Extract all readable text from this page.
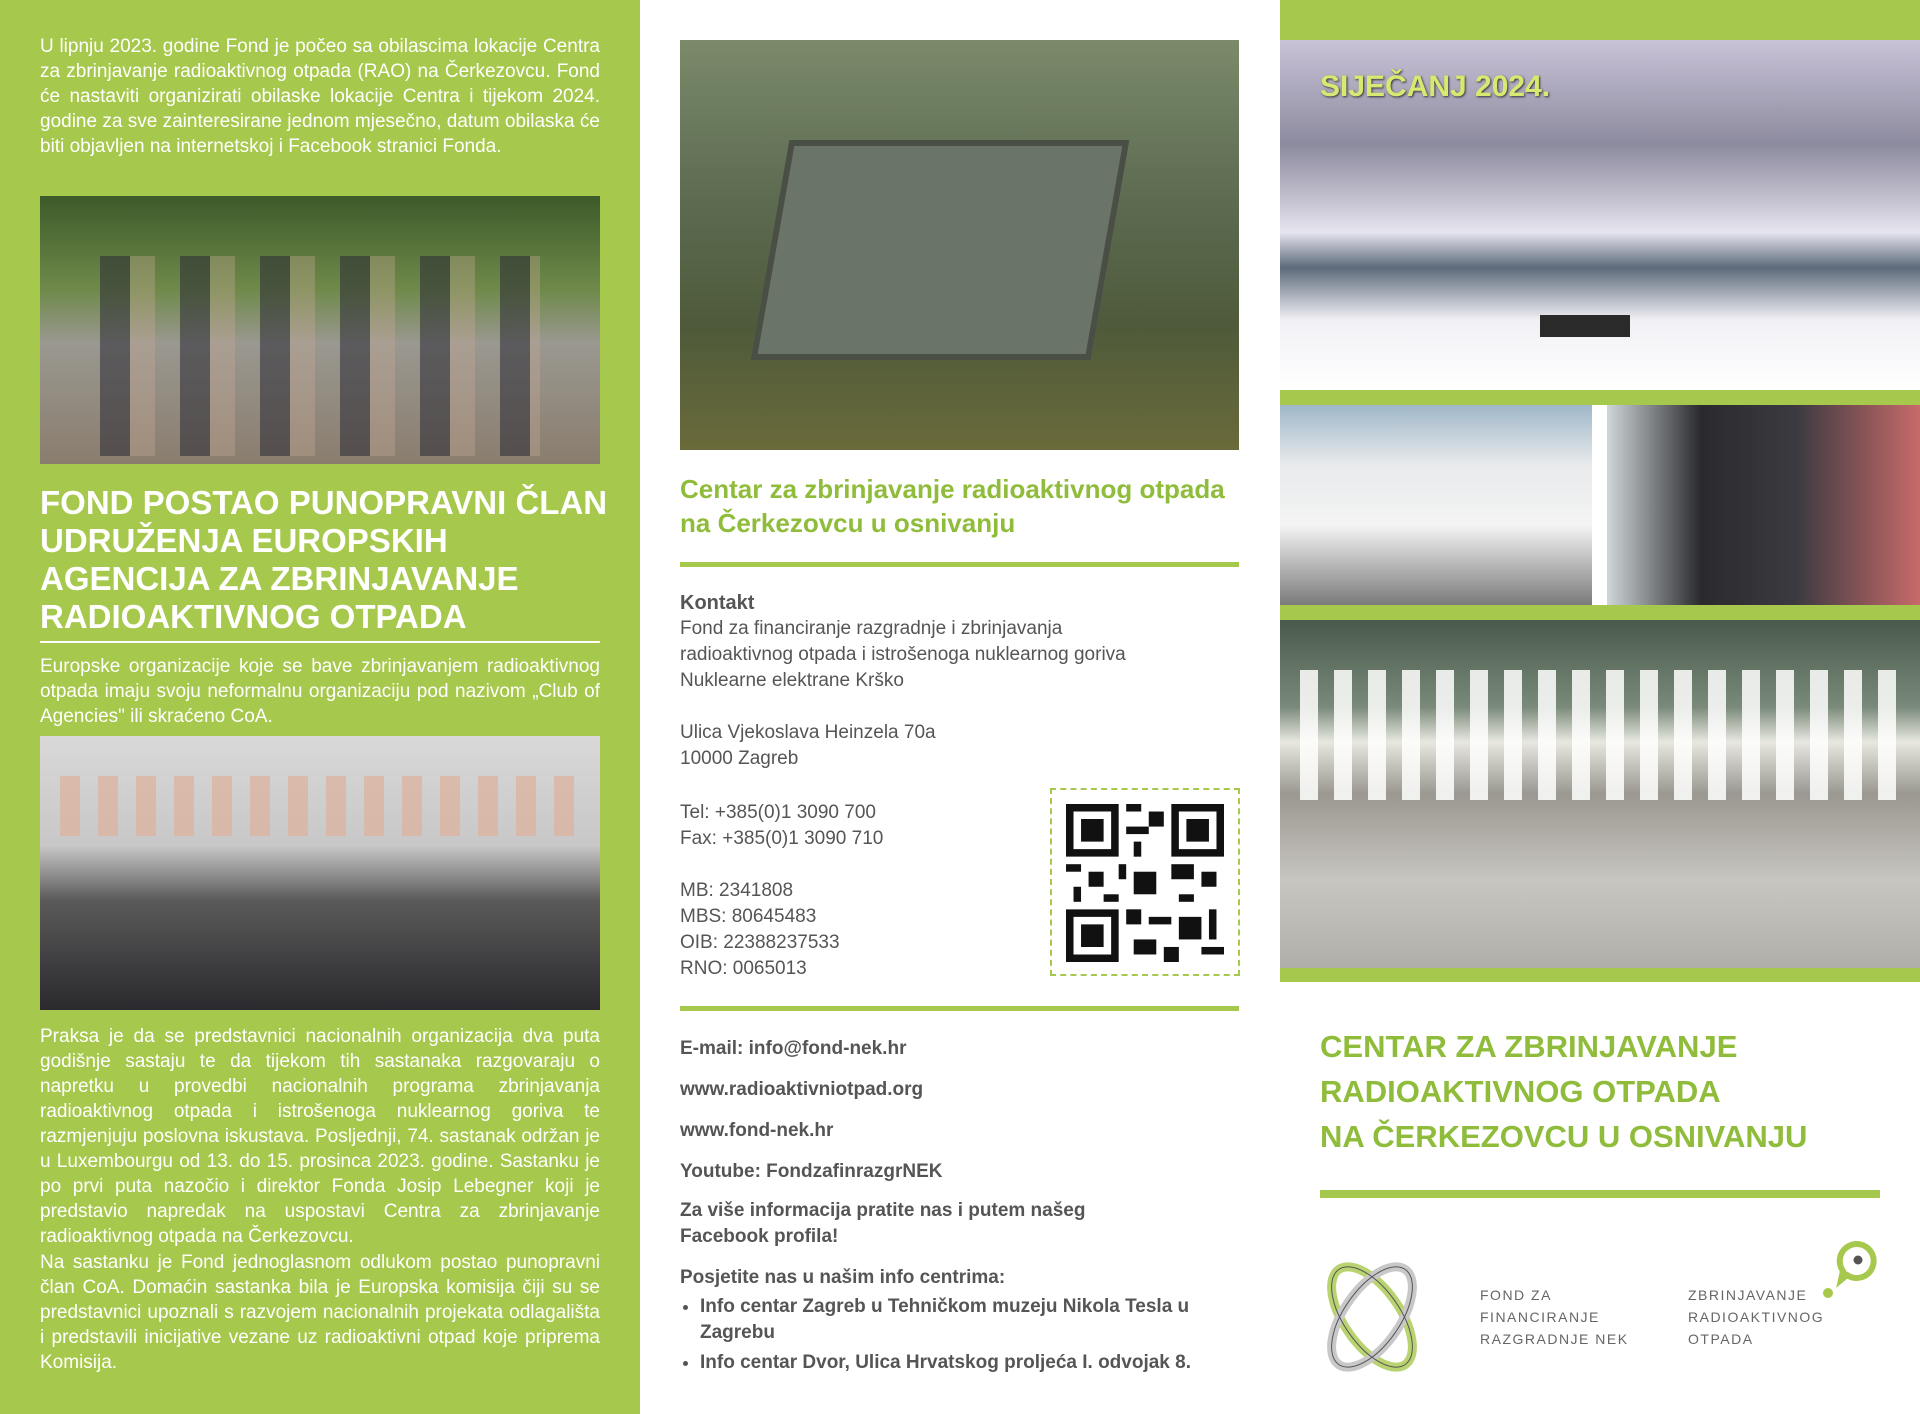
U lipnju 2023. godine Fond je počeo sa obilascima lokacije Centra za zbrinjavanje radioaktivnog otpada (RAO) na Čerkezovcu. Fond će nastaviti organizirati obilaske lokacije Centra i tijekom 2024. godine za sve zainteresirane jednom mjesečno, datum obilaska će biti objavljen na internetskoj i Facebook stranici Fonda.

FOND POSTAO PUNOPRAVNI ČLAN UDRUŽENJA EUROPSKIH AGENCIJA ZA ZBRINJAVANJE RADIOAKTIVNOG OTPADA

Europske organizacije koje se bave zbrinjavanjem radioaktivnog otpada imaju svoju neformalnu organizaciju pod nazivom „Club of Agencies" ili skraćeno CoA.

Praksa je da se predstavnici nacionalnih organizacija dva puta godišnje sastaju te da tijekom tih sastanaka razgovaraju o napretku u provedbi nacionalnih programa zbrinjavanja radioaktivnog otpada i istrošenoga nuklearnog goriva te razmjenjuju poslovna iskustava. Posljednji, 74. sastanak održan je u Luxembourgu od 13. do 15. prosinca 2023. godine. Sastanku je po prvi puta nazočio i direktor Fonda Josip Lebegner koji je predstavio napredak na uspostavi Centra za zbrinjavanje radioaktivnog otpada na Čerkezovcu.

Na sastanku je Fond jednoglasnom odlukom postao punopravni član CoA. Domaćin sastanka bila je Europska komisija čiji su se predstavnici upoznali s razvojem nacionalnih projekata odlagališta i predstavili inicijative vezane uz radioaktivni otpad koje priprema Komisija.

Centar za zbrinjavanje radioaktivnog otpada na Čerkezovcu u osnivanju
Kontakt
Fond za financiranje razgradnje i zbrinjavanja
radioaktivnog otpada i istrošenoga nuklearnog goriva
Nuklearne elektrane Krško
Ulica Vjekoslava Heinzela 70a
10000 Zagreb
Tel: +385(0)1 3090 700
Fax: +385(0)1 3090 710
MB: 2341808
MBS: 80645483
OIB: 22388237533
RNO: 0065013
E-mail: info@fond-nek.hr
www.radioaktivniotpad.org
www.fond-nek.hr
Youtube: FondzafinrazgrNEK
Za više informacija pratite nas i putem našeg Facebook profila!
Posjetite nas u našim info centrima:
• Info centar Zagreb u Tehničkom muzeju Nikola Tesla u Zagrebu
• Info centar Dvor, Ulica Hrvatskog proljeća I. odvojak 8.
SIJEČANJ 2024.
CENTAR ZA ZBRINJAVANJE
RADIOAKTIVNOG OTPADA
NA ČERKEZOVCU U OSNIVANJU
FOND ZA
FINANCIRANJE
RAZGRADNJE NEK
ZBRINJAVANJE
RADIOAKTIVNOG
OTPADA
